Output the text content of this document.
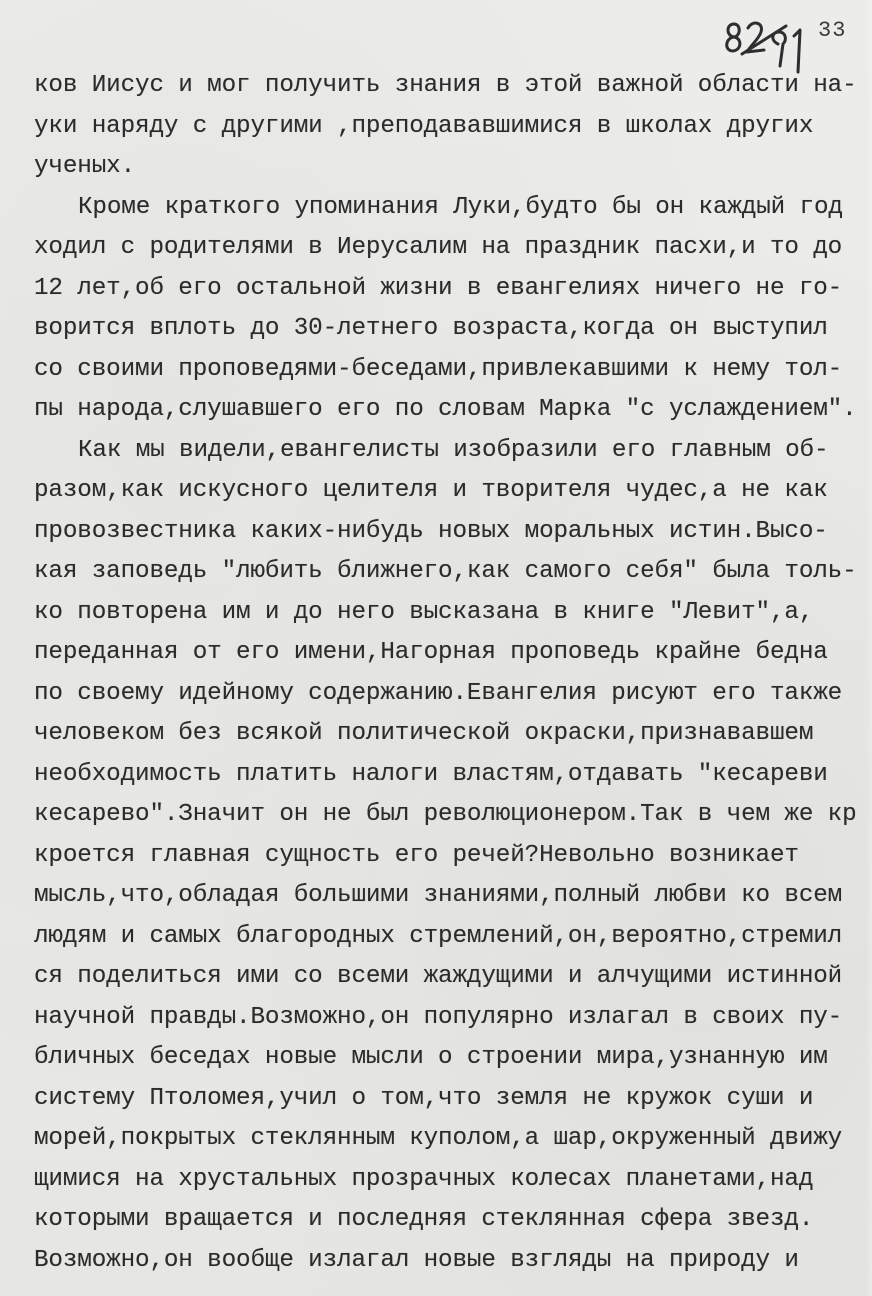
33
ков Иисус и мог получить знания в этой важной области на-
уки наряду с другими ,преподававшимися в школах других
ученых.
Кроме краткого упоминания Луки,будто бы он каждый год
ходил с родителями в Иерусалим на праздник пасхи,и то до
12 лет,об его остальной жизни в евангелиях ничего не го-
ворится вплоть до 30-летнего возраста,когда он выступил
со своими проповедями-беседами,привлекавшими к нему тол-
пы народа,слушавшего его по словам Марка "с услаждением".
Как мы видели,евангелисты изобразили его главным об-
разом,как искусного целителя и творителя чудес,а не как
провозвестника каких-нибудь новых моральных истин.Высо-
кая заповедь "любить ближнего,как самого себя" была толь-
ко повторена им и до него высказана в книге "Левит",а,
переданная от его имени,Нагорная проповедь крайне бедна
по своему идейному содержанию.Евангелия рисуют его также
человеком без всякой политической окраски,признававшем
необходимость платить налоги властям,отдавать "кесареви
кесарево".Значит он не был революционером.Так в чем же кр
кроется главная сущность его речей?Невольно возникает
мысль,что,обладая большими знаниями,полный любви ко всем
людям и самых благородных стремлений,он,вероятно,стремил
ся поделиться ими со всеми жаждущими и алчущими истинной
научной правды.Возможно,он популярно излагал в своих пу-
бличных беседах новые мысли о строении мира,узнанную им
систему Птоломея,учил о том,что земля не кружок суши и
морей,покрытых стеклянным куполом,а шар,окруженный движу
щимися на хрустальных прозрачных колесах планетами,над
которыми вращается и последняя стеклянная сфера звезд.
Возможно,он вообще излагал новые взгляды на природу и
